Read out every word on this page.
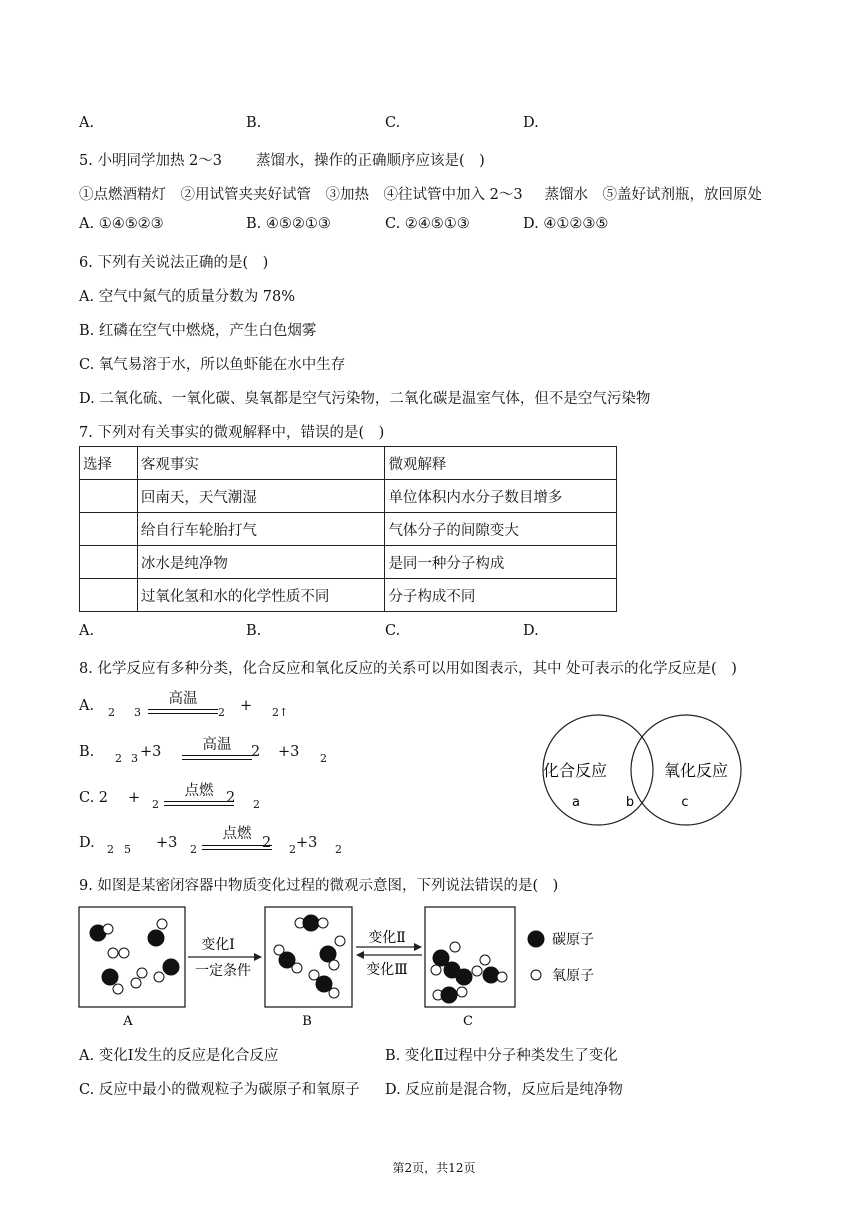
A.	B.	C.	D.
5. 小明同学加热 2～3 蒸馏水，操作的正确顺序应该是(　)
①点燃酒精灯　②用试管夹夹好试管　③加热　④往试管中加入 2～3 蒸馏水　⑤盖好试剂瓶，放回原处
A. ①④⑤②③	B. ④⑤②①③	C. ②④⑤①③	D. ④①②③⑤
6. 下列有关说法正确的是(　)
A. 空气中氮气的质量分数为 78%
B. 红磷在空气中燃烧，产生白色烟雾
C. 氧气易溶于水，所以鱼虾能在水中生存
D. 二氧化硫、一氧化碳、臭氧都是空气污染物，二氧化碳是温室气体，但不是空气污染物
7. 下列对有关事实的微观解释中，错误的是(　)
选择	客观事实	微观解释
	回南天，天气潮湿	单位体积内水分子数目增多
	给自行车轮胎打气	气体分子的间隙变大
	冰水是纯净物	是同一种分子构成
	过氧化氢和水的化学性质不同	分子构成不同
A.	B.	C.	D.
8. 化学反应有多种分类，化合反应和氧化反应的关系可以用如图表示，其中 处可表示的化学反应是(　)
A. 2 3
高温
2 + 2↑
B. 2 3 +3	高温	2 +3 2
C. 2 + 2
点燃 2 2
D. 2 5 +3 2
点燃
2 2 +3 2
化合反应	氧化反应
a	b	c
9. 如图是某密闭容器中物质变化过程的微观示意图，下列说法错误的是(　)
变化Ⅰ
一定条件
变化Ⅱ
变化Ⅲ
A	B	C
碳原子
氧原子
A. 变化Ⅰ发生的反应是化合反应	B. 变化Ⅱ过程中分子种类发生了变化
C. 反应中最小的微观粒子为碳原子和氧原子 D. 反应前是混合物，反应后是纯净物
第2页，共12页
